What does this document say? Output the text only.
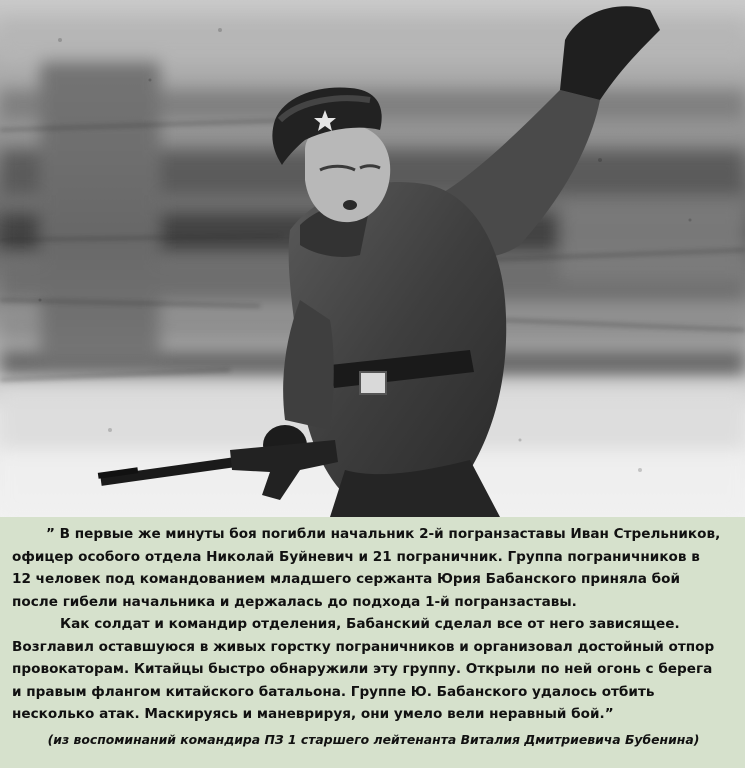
” В первые же минуты боя погибли начальник 2-й погранзаставы Иван Стрельников,
офицер особого отдела Николай Буйневич и 21 пограничник. Группа пограничников в
12 человек под командованием младшего сержанта Юрия Бабанского приняла бой
после гибели начальника и держалась до подхода 1-й погранзаставы.
Как солдат и командир отделения, Бабанский сделал все от него зависящее.
Возглавил оставшуюся в живых горстку пограничников и организовал достойный отпор
провокаторам. Китайцы быстро обнаружили эту группу. Открыли по ней огонь с берега
и правым флангом китайского батальона. Группе Ю. Бабанского удалось отбить
несколько атак. Маскируясь и маневрируя, они умело вели неравный бой.”
(из воспоминаний командира ПЗ 1 старшего лейтенанта Виталия Дмитриевича Бубенина)
